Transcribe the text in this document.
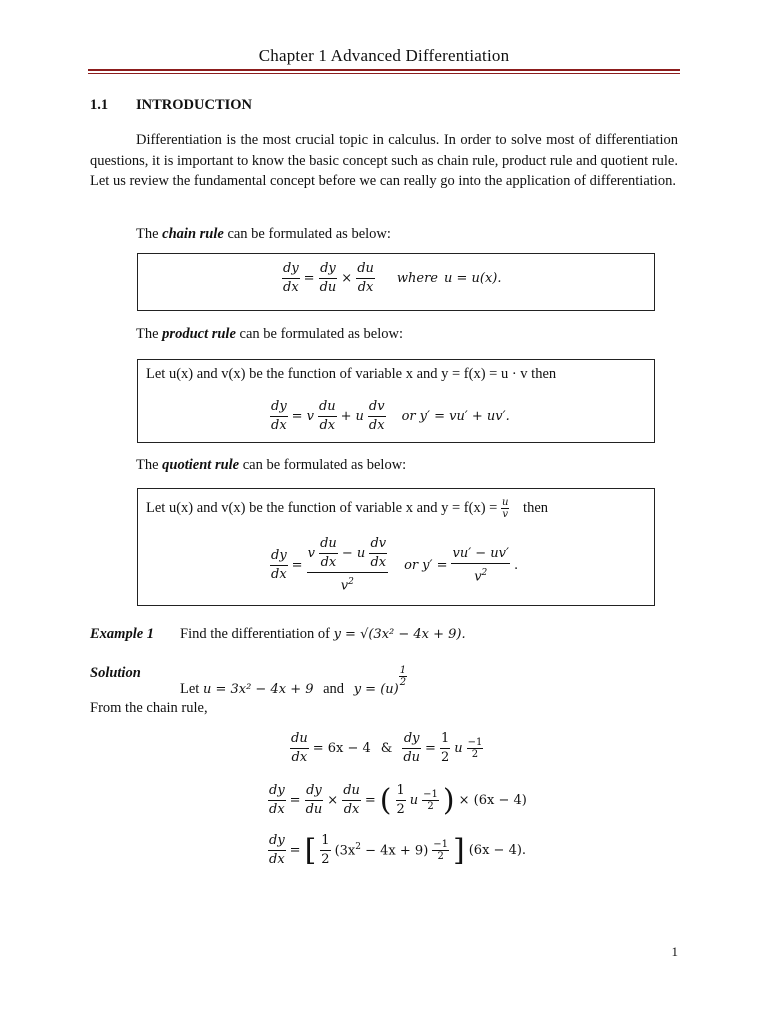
Chapter 1 Advanced Differentiation
1.1 INTRODUCTION
Differentiation is the most crucial topic in calculus. In order to solve most of differentiation questions, it is important to know the basic concept such as chain rule, product rule and quotient rule. Let us review the fundamental concept before we can really go into the application of differentiation.
The chain rule can be formulated as below:
$\frac{dy}{dx} = \frac{dy}{du} \times \frac{du}{dx}$ where u = u(x).
The product rule can be formulated as below:
Let u(x) and v(x) be the function of variable x and y = f(x) = u · v then
$\frac{dy}{dx} = v \frac{du}{dx} + u \frac{dv}{dx}$ or y′ = vu′ + uv′.
The quotient rule can be formulated as below:
Let u(x) and v(x) be the function of variable x and $y = f(x) = \frac{u}{v}$ then
$\frac{dy}{dx} = \frac{v \frac{du}{dx} - u \frac{dv}{dx}}{v^2}$ or $y' = \frac{vu' - uv'}{v^2}$ .
Example 1 Find the differentiation of y = √(3x² − 4x + 9).
Solution
Let u = 3x² − 4x + 9 and y = (u)
$^{\frac{1}{2}}$
From the chain rule,
$\frac{du}{dx} = 6x - 4$ & $\frac{dy}{du} = \frac{1}{2}$ u $\frac{-1}{2}$
$\frac{dy}{dx} = \frac{dy}{du} \times \frac{du}{dx}$ = ( $\frac{1}{2}$ u $\frac{-1}{2}$ ) × (6x − 4)
$\frac{dy}{dx}$ = [ $\frac{1}{2} (3x^2 - 4x + 9) \frac{-1}{2}$ ] (6x − 4).
1
